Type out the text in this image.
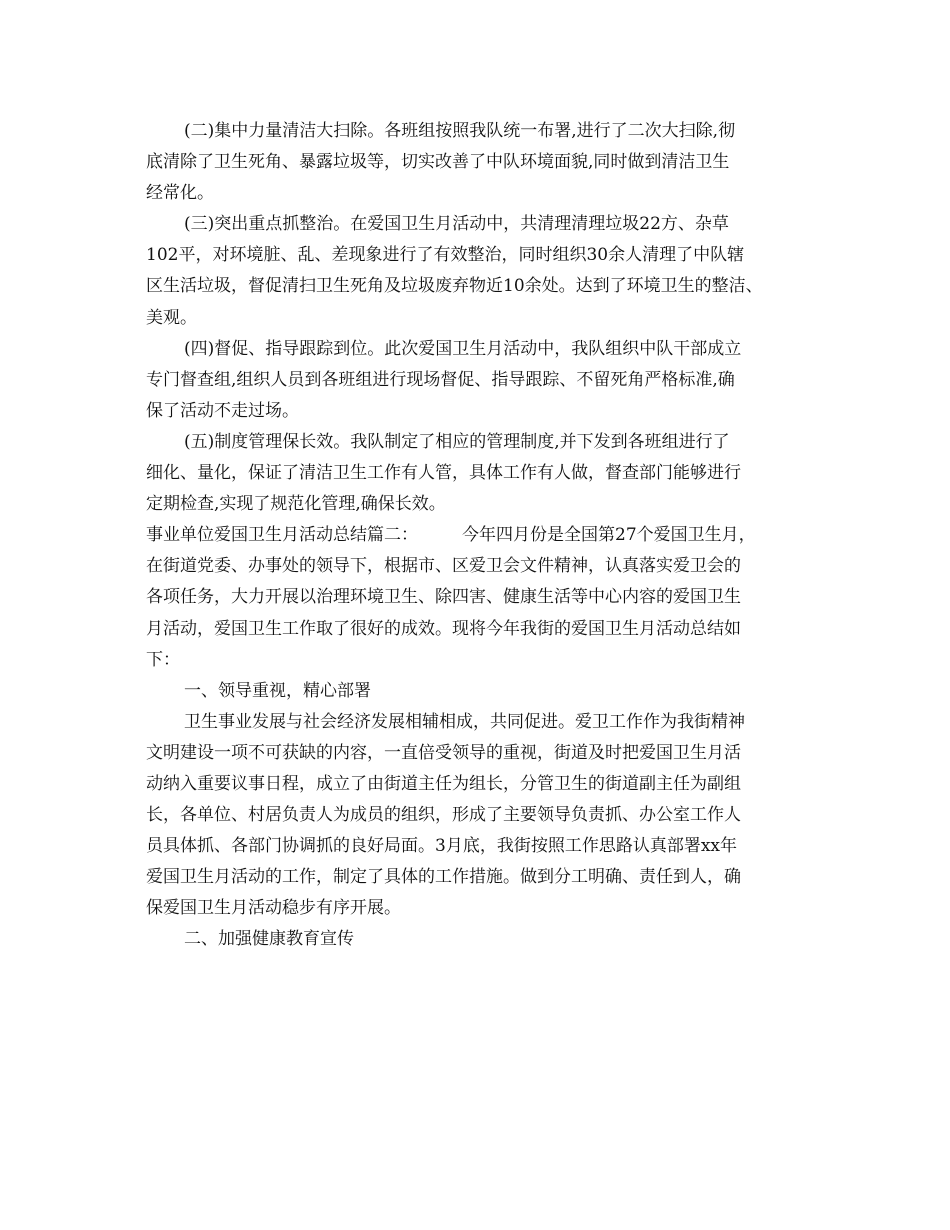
(二)集中力量清洁大扫除。各班组按照我队统一布署,进行了二次大扫除,彻
底清除了卫生死角、暴露垃圾等，切实改善了中队环境面貌,同时做到清洁卫生
经常化。
(三)突出重点抓整治。在爱国卫生月活动中，共清理清理垃圾22方、杂草
102平，对环境脏、乱、差现象进行了有效整治，同时组织30余人清理了中队辖
区生活垃圾，督促清扫卫生死角及垃圾废弃物近10余处。达到了环境卫生的整洁、
美观。
(四)督促、指导跟踪到位。此次爱国卫生月活动中，我队组织中队干部成立
专门督查组,组织人员到各班组进行现场督促、指导跟踪、不留死角严格标准,确
保了活动不走过场。
(五)制度管理保长效。我队制定了相应的管理制度,并下发到各班组进行了
细化、量化，保证了清洁卫生工作有人管，具体工作有人做，督查部门能够进行
定期检查,实现了规范化管理,确保长效。
事业单位爱国卫生月活动总结篇二：	今年四月份是全国第27个爱国卫生月，
在街道党委、办事处的领导下，根据市、区爱卫会文件精神，认真落实爱卫会的
各项任务，大力开展以治理环境卫生、除四害、健康生活等中心内容的爱国卫生
月活动，爱国卫生工作取了很好的成效。现将今年我街的爱国卫生月活动总结如
下：
一、领导重视，精心部署
卫生事业发展与社会经济发展相辅相成，共同促进。爱卫工作作为我街精神
文明建设一项不可获缺的内容，一直倍受领导的重视，街道及时把爱国卫生月活
动纳入重要议事日程，成立了由街道主任为组长，分管卫生的街道副主任为副组
长，各单位、村居负责人为成员的组织，形成了主要领导负责抓、办公室工作人
员具体抓、各部门协调抓的良好局面。3月底，我街按照工作思路认真部署xx年
爱国卫生月活动的工作，制定了具体的工作措施。做到分工明确、责任到人，确
保爱国卫生月活动稳步有序开展。
二、加强健康教育宣传
